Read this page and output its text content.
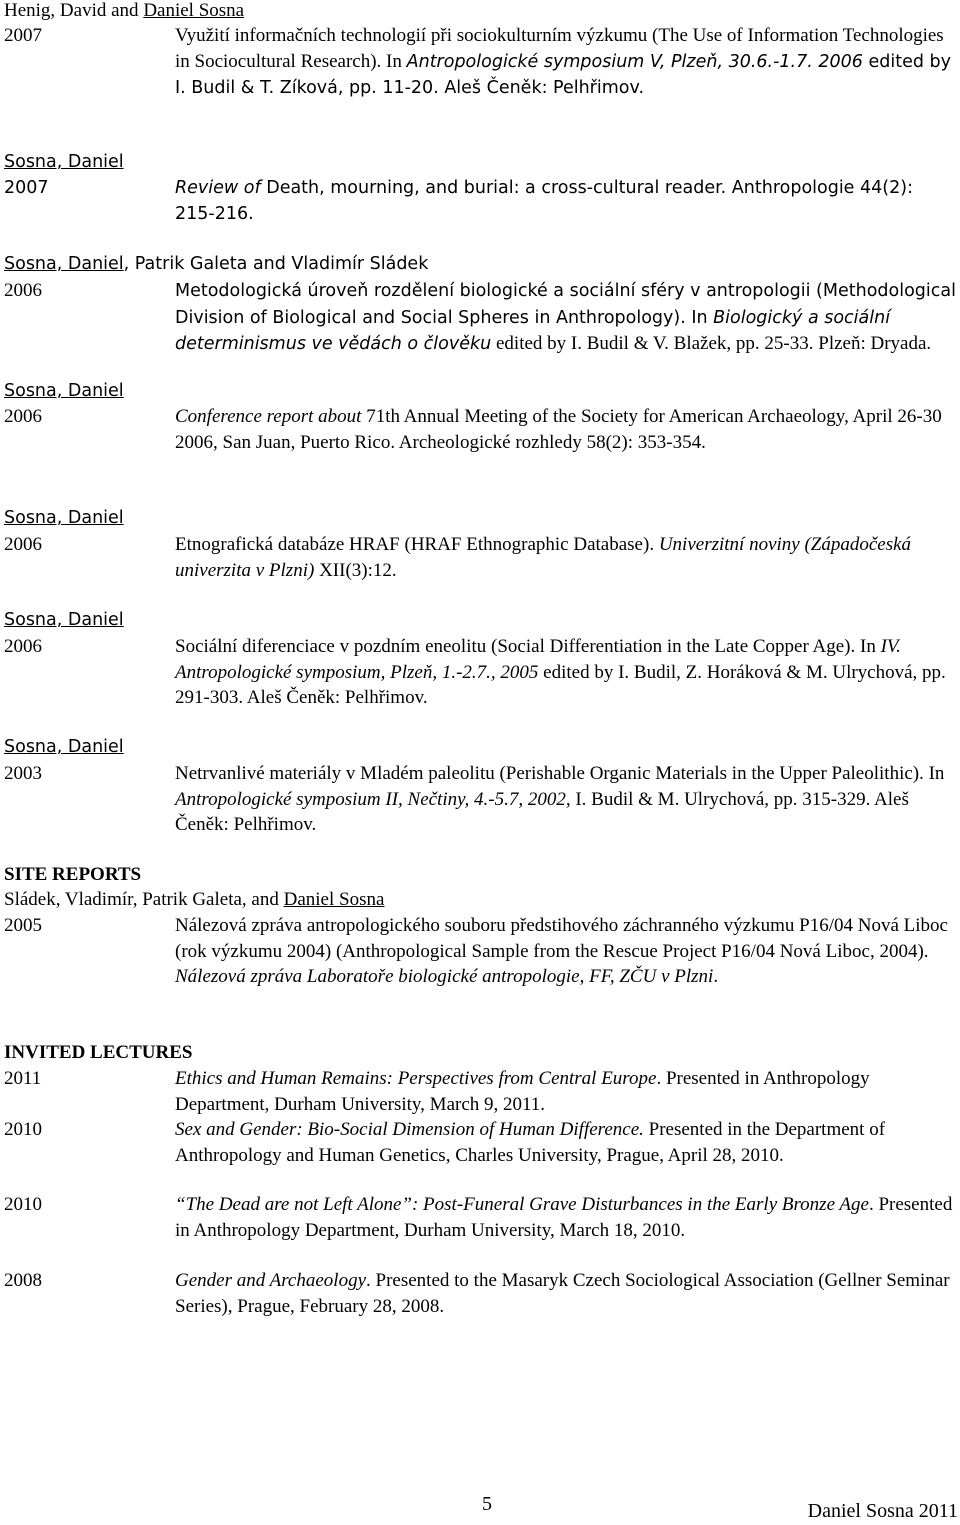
Henig, David and Daniel Sosna
2007	Využití informačních technologií při sociokulturním výzkumu (The Use of Information Technologies in Sociocultural Research). In Antropologické symposium V, Plzeň, 30.6.-1.7. 2006 edited by I. Budil & T. Zíková, pp. 11-20. Aleš Čeněk: Pelhřimov.
Sosna, Daniel
2007	Review of Death, mourning, and burial: a cross-cultural reader. Anthropologie 44(2): 215-216.
Sosna, Daniel, Patrik Galeta and Vladimír Sládek
2006	Metodologická úroveň rozdělení biologické a sociální sféry v antropologii (Methodological Division of Biological and Social Spheres in Anthropology). In Biologický a sociální determinismus ve vědách o člověku edited by I. Budil & V. Blažek, pp. 25-33. Plzeň: Dryada.
Sosna, Daniel
2006	Conference report about 71th Annual Meeting of the Society for American Archaeology, April 26-30 2006, San Juan, Puerto Rico. Archeologické rozhledy 58(2): 353-354.
Sosna, Daniel
2006	Etnografická databáze HRAF (HRAF Ethnographic Database). Univerzitní noviny (Západočeská univerzita v Plzni) XII(3):12.
Sosna, Daniel
2006	Sociální diferenciace v pozdním eneolitu (Social Differentiation in the Late Copper Age). In IV. Antropologické symposium, Plzeň, 1.-2.7., 2005 edited by I. Budil, Z. Horáková & M. Ulrychová, pp. 291-303. Aleš Čeněk: Pelhřimov.
Sosna, Daniel
2003	Netrvanlivé materiály v Mladém paleolitu (Perishable Organic Materials in the Upper Paleolithic). In Antropologické symposium II, Nečtiny, 4.-5.7, 2002, I. Budil & M. Ulrychová, pp. 315-329. Aleš Čeněk: Pelhřimov.
SITE REPORTS
Sládek, Vladimír, Patrik Galeta, and Daniel Sosna
2005	Nálezová zpráva antropologického souboru předstihového záchranného výzkumu P16/04 Nová Liboc (rok výzkumu 2004) (Anthropological Sample from the Rescue Project P16/04 Nová Liboc, 2004). Nálezová zpráva Laboratoře biologické antropologie, FF, ZČU v Plzni.
INVITED LECTURES
2011	Ethics and Human Remains: Perspectives from Central Europe. Presented in Anthropology Department, Durham University, March 9, 2011.
2010	Sex and Gender: Bio-Social Dimension of Human Difference. Presented in the Department of Anthropology and Human Genetics, Charles University, Prague, April 28, 2010.
2010	“The Dead are not Left Alone”: Post-Funeral Grave Disturbances in the Early Bronze Age. Presented in Anthropology Department, Durham University, March 18, 2010.
2008	Gender and Archaeology. Presented to the Masaryk Czech Sociological Association (Gellner Seminar Series), Prague, February 28, 2008.
5	Daniel Sosna 2011
